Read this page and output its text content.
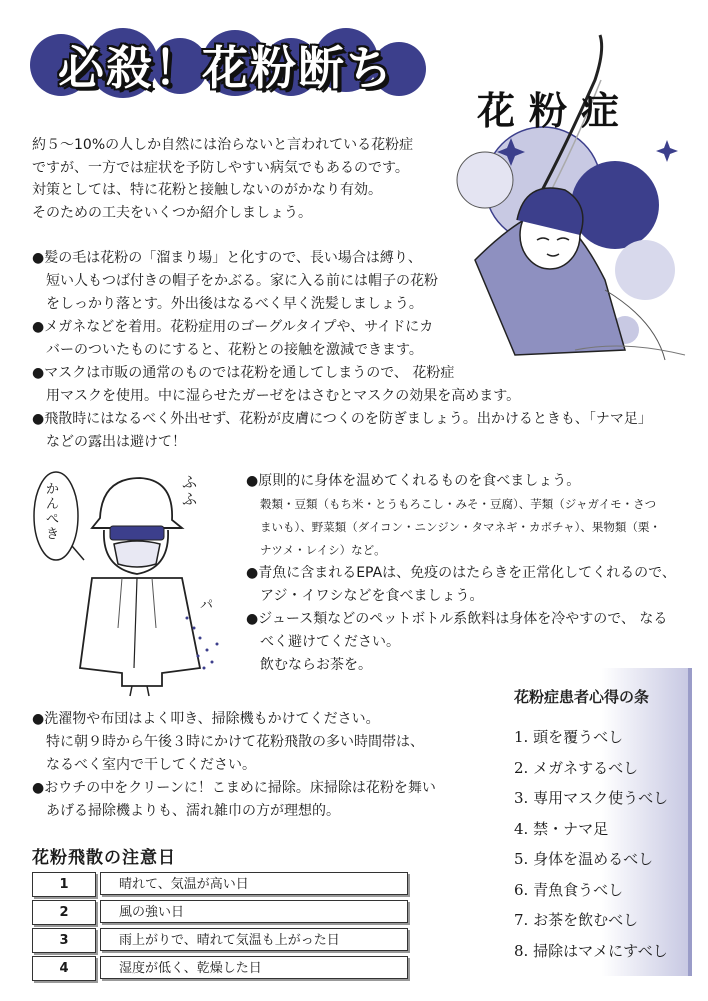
必殺！花粉断ち
花粉症
約５～10%の人しか自然には治らないと言われている花粉症
ですが、一方では症状を予防しやすい病気でもあるのです。
対策としては、特に花粉と接触しないのがかなり有効。
そのための工夫をいくつか紹介しましょう。
●髪の毛は花粉の「溜まり場」と化すので、長い場合は縛り、
短い人もつば付きの帽子をかぶる。家に入る前には帽子の花粉
をしっかり落とす。外出後はなるべく早く洗髪しましょう。
●メガネなどを着用。花粉症用のゴーグルタイプや、サイドにカ
バーのついたものにすると、花粉との接触を激減できます。
●マスクは市販の通常のものでは花粉を通してしまうので、 花粉症
用マスクを使用。中に湿らせたガーゼをはさむとマスクの効果を高めます。
●飛散時にはなるべく外出せず、花粉が皮膚につくのを防ぎましょう。出かけるときも、「ナマ足」
などの露出は避けて！
かんぺき
ふふ
パ
●原則的に身体を温めてくれるものを食べましょう。
穀類・豆類（もち米・とうもろこし・みそ・豆腐）、芋類（ジャガイモ・さつ
まいも）、野菜類（ダイコン・ニンジン・タマネギ・カボチャ）、果物類（栗・
ナツメ・レイシ）など。
●青魚に含まれるEPAは、免疫のはたらきを正常化してくれるので、
アジ・イワシなどを食べましょう。
●ジュース類などのペットボトル系飲料は身体を冷やすので、 なる
べく避けてください。
飲むならお茶を。
●洗濯物や布団はよく叩き、掃除機もかけてください。
特に朝９時から午後３時にかけて花粉飛散の多い時間帯は、
なるべく室内で干してください。
●おウチの中をクリーンに！こまめに掃除。床掃除は花粉を舞い
あげる掃除機よりも、濡れ雑巾の方が理想的。
花粉飛散の注意日
1	晴れて、気温が高い日
2	風の強い日
3	雨上がりで、晴れて気温も上がった日
4	湿度が低く、乾燥した日
花粉症患者心得の条
1. 頭を覆うべし
2. メガネするべし
3. 専用マスク使うべし
4. 禁・ナマ足
5. 身体を温めるべし
6. 青魚食うべし
7. お茶を飲むべし
8. 掃除はマメにすべし
